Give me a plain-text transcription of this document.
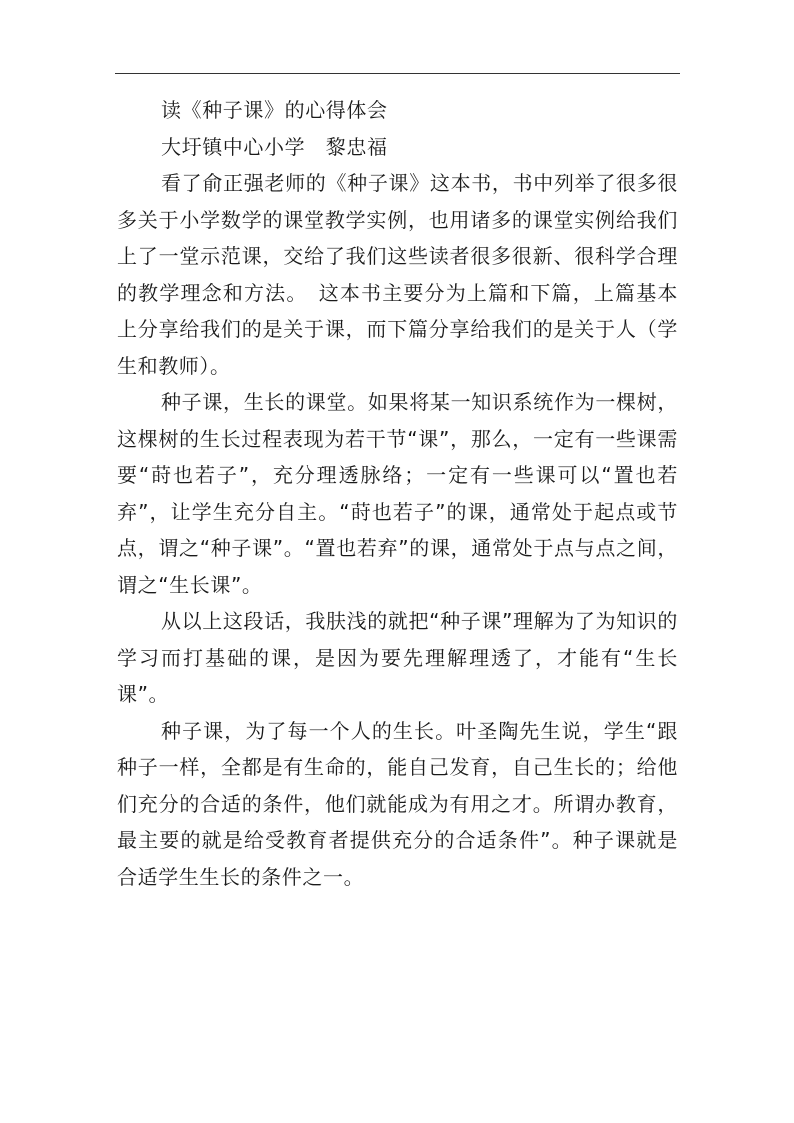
读《种子课》的心得体会

大圩镇中心小学　黎忠福

看了俞正强老师的《种子课》这本书，书中列举了很多很多关于小学数学的课堂教学实例，也用诸多的课堂实例给我们上了一堂示范课，交给了我们这些读者很多很新、很科学合理的教学理念和方法。　这本书主要分为上篇和下篇，上篇基本上分享给我们的是关于课，而下篇分享给我们的是关于人（学生和教师）。

种子课，生长的课堂。如果将某一知识系统作为一棵树，这棵树的生长过程表现为若干节“课”，那么，一定有一些课需要“莳也若子”，充分理透脉络；一定有一些课可以“置也若弃”，让学生充分自主。“莳也若子”的课，通常处于起点或节点，谓之“种子课”。“置也若弃”的课，通常处于点与点之间，谓之“生长课”。

从以上这段话，我肤浅的就把“种子课”理解为了为知识的学习而打基础的课，是因为要先理解理透了，才能有“生长课”。

种子课，为了每一个人的生长。叶圣陶先生说，学生“跟种子一样，全都是有生命的，能自己发育，自己生长的；给他们充分的合适的条件，他们就能成为有用之才。所谓办教育，最主要的就是给受教育者提供充分的合适条件”。种子课就是合适学生生长的条件之一。
